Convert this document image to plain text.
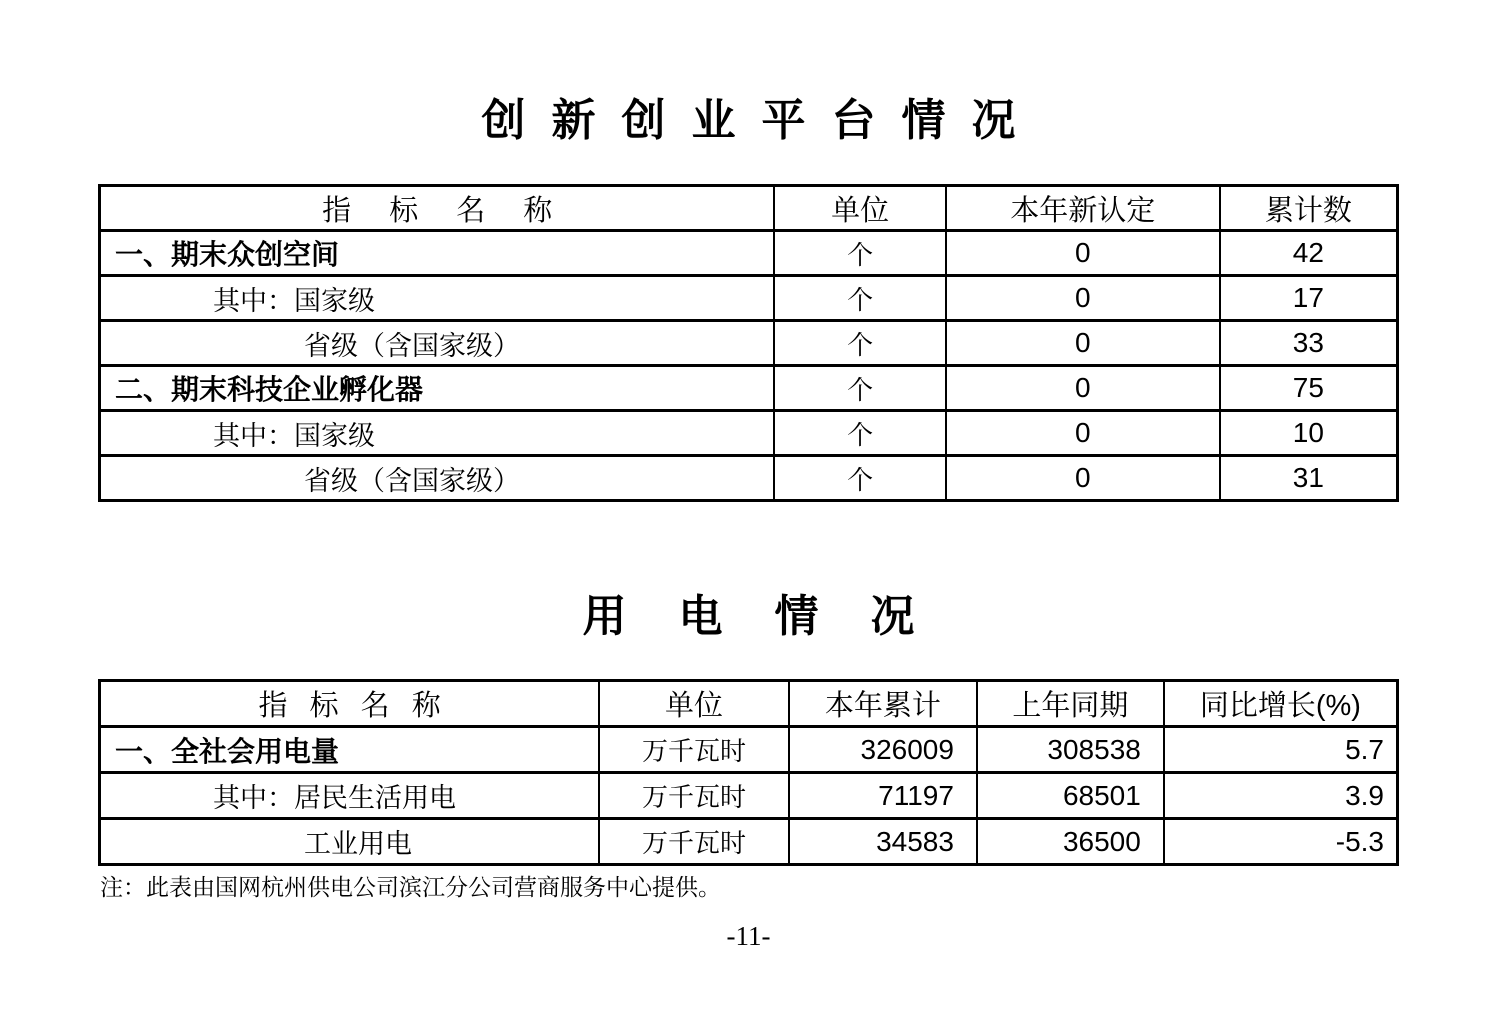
创新创业平台情况
指 标 名 称	单位	本年新认定	累计数
一、期末众创空间	个	0	42
其中：国家级	个	0	17
省级（含国家级）	个	0	33
二、期末科技企业孵化器	个	0	75
其中：国家级	个	0	10
省级（含国家级）	个	0	31
用电情况
指 标 名 称	单位	本年累计	上年同期	同比增长(%)
一、全社会用电量	万千瓦时	326009	308538	5.7
其中：居民生活用电	万千瓦时	71197	68501	3.9
工业用电	万千瓦时	34583	36500	-5.3
注：此表由国网杭州供电公司滨江分公司营商服务中心提供。
-11-
